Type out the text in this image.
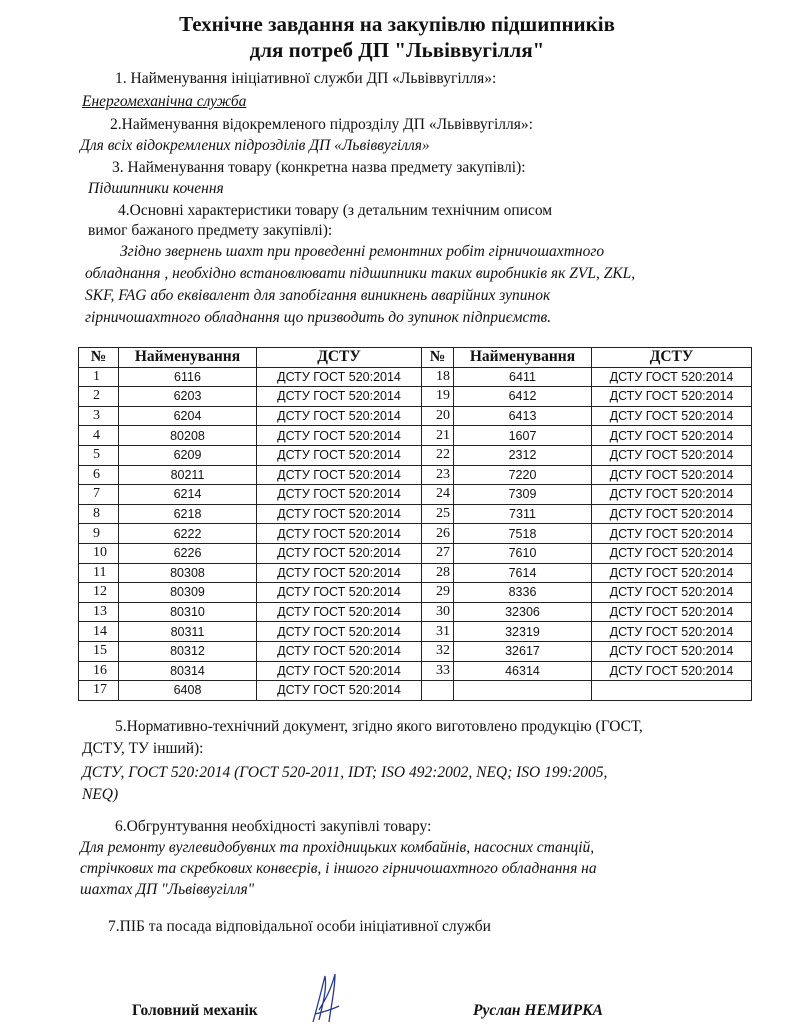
Технічне завдання на закупівлю підшипників
для потреб ДП "Львіввугілля"
1. Найменування ініціативної служби ДП «Львіввугілля»:
Енергомеханічна служба
2.Найменування відокремленого підрозділу ДП «Львіввугілля»:
Для всіх відокремлених підрозділів ДП «Львіввугілля»
3. Найменування товару (конкретна назва предмету закупівлі):
Підшипники кочення
4.Основні характеристики товару (з детальним технічним описом
вимог бажаного предмету закупівлі):
Згідно звернень шахт при проведенні ремонтних робіт гірничошахтного
обладнання , необхідно встановлювати підшипники таких виробників як ZVL, ZKL,
SKF, FAG або еквівалент для запобігання виникнень аварійних зупинок
гірничошахтного обладнання що призводить до зупинок підприємств.
№	Найменування	ДСТУ	№	Найменування	ДСТУ
1	6116	ДСТУ ГОСТ 520:2014	18	6411	ДСТУ ГОСТ 520:2014
2	6203	ДСТУ ГОСТ 520:2014	19	6412	ДСТУ ГОСТ 520:2014
3	6204	ДСТУ ГОСТ 520:2014	20	6413	ДСТУ ГОСТ 520:2014
4	80208	ДСТУ ГОСТ 520:2014	21	1607	ДСТУ ГОСТ 520:2014
5	6209	ДСТУ ГОСТ 520:2014	22	2312	ДСТУ ГОСТ 520:2014
6	80211	ДСТУ ГОСТ 520:2014	23	7220	ДСТУ ГОСТ 520:2014
7	6214	ДСТУ ГОСТ 520:2014	24	7309	ДСТУ ГОСТ 520:2014
8	6218	ДСТУ ГОСТ 520:2014	25	7311	ДСТУ ГОСТ 520:2014
9	6222	ДСТУ ГОСТ 520:2014	26	7518	ДСТУ ГОСТ 520:2014
10	6226	ДСТУ ГОСТ 520:2014	27	7610	ДСТУ ГОСТ 520:2014
11	80308	ДСТУ ГОСТ 520:2014	28	7614	ДСТУ ГОСТ 520:2014
12	80309	ДСТУ ГОСТ 520:2014	29	8336	ДСТУ ГОСТ 520:2014
13	80310	ДСТУ ГОСТ 520:2014	30	32306	ДСТУ ГОСТ 520:2014
14	80311	ДСТУ ГОСТ 520:2014	31	32319	ДСТУ ГОСТ 520:2014
15	80312	ДСТУ ГОСТ 520:2014	32	32617	ДСТУ ГОСТ 520:2014
16	80314	ДСТУ ГОСТ 520:2014	33	46314	ДСТУ ГОСТ 520:2014
17	6408	ДСТУ ГОСТ 520:2014			
5.Нормативно-технічний документ, згідно якого виготовлено продукцію (ГОСТ,
ДСТУ, ТУ інший):
ДСТУ, ГОСТ 520:2014 (ГОСТ 520-2011, IDT; ISO 492:2002, NEQ; ISO 199:2005,
NEQ)
6.Обгрунтування необхідності закупівлі товару:
Для ремонту вуглевидобувних та прохідницьких комбайнів, насосних станцій,
стрічкових та скребкових конвеєрів, і іншого гірничошахтного обладнання на
шахтах ДП "Львіввугілля"
7.ПІБ та посада відповідальної особи ініціативної служби
Головний механік	Руслан НЕМИРКА
